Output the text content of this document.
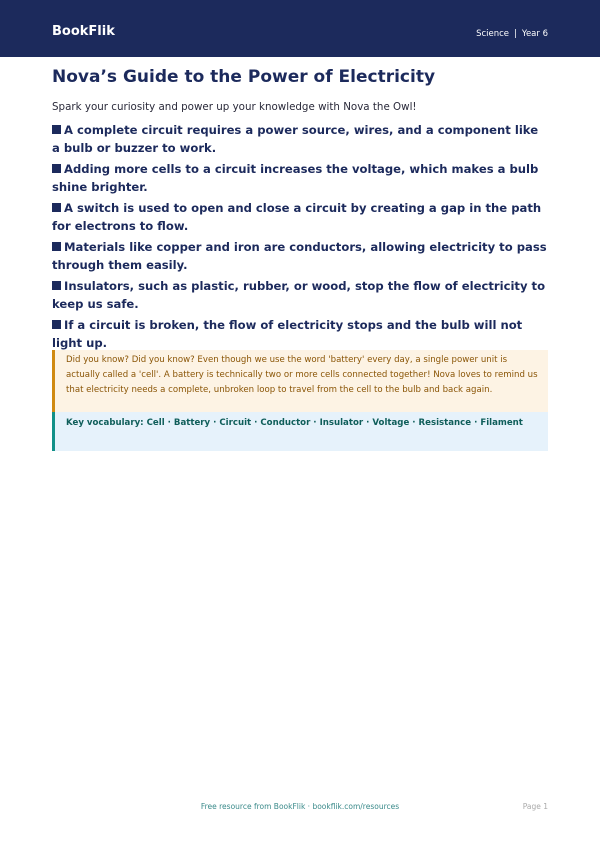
BookFlik	Science | Year 6
Nova’s Guide to the Power of Electricity

Spark your curiosity and power up your knowledge with Nova the Owl!

A complete circuit requires a power source, wires, and a component like a bulb or buzzer to work.
Adding more cells to a circuit increases the voltage, which makes a bulb shine brighter.
A switch is used to open and close a circuit by creating a gap in the path for electrons to flow.
Materials like copper and iron are conductors, allowing electricity to pass through them easily.
Insulators, such as plastic, rubber, or wood, stop the flow of electricity to keep us safe.
If a circuit is broken, the flow of electricity stops and the bulb will not light up.
Did you know? Did you know? Even though we use the word 'battery' every day, a single power unit is actually called a 'cell'. A battery is technically two or more cells connected together! Nova loves to remind us that electricity needs a complete, unbroken loop to travel from the cell to the bulb and back again.
Key vocabulary: Cell · Battery · Circuit · Conductor · Insulator · Voltage · Resistance · Filament
Free resource from BookFlik · bookflik.com/resources	Page 1
